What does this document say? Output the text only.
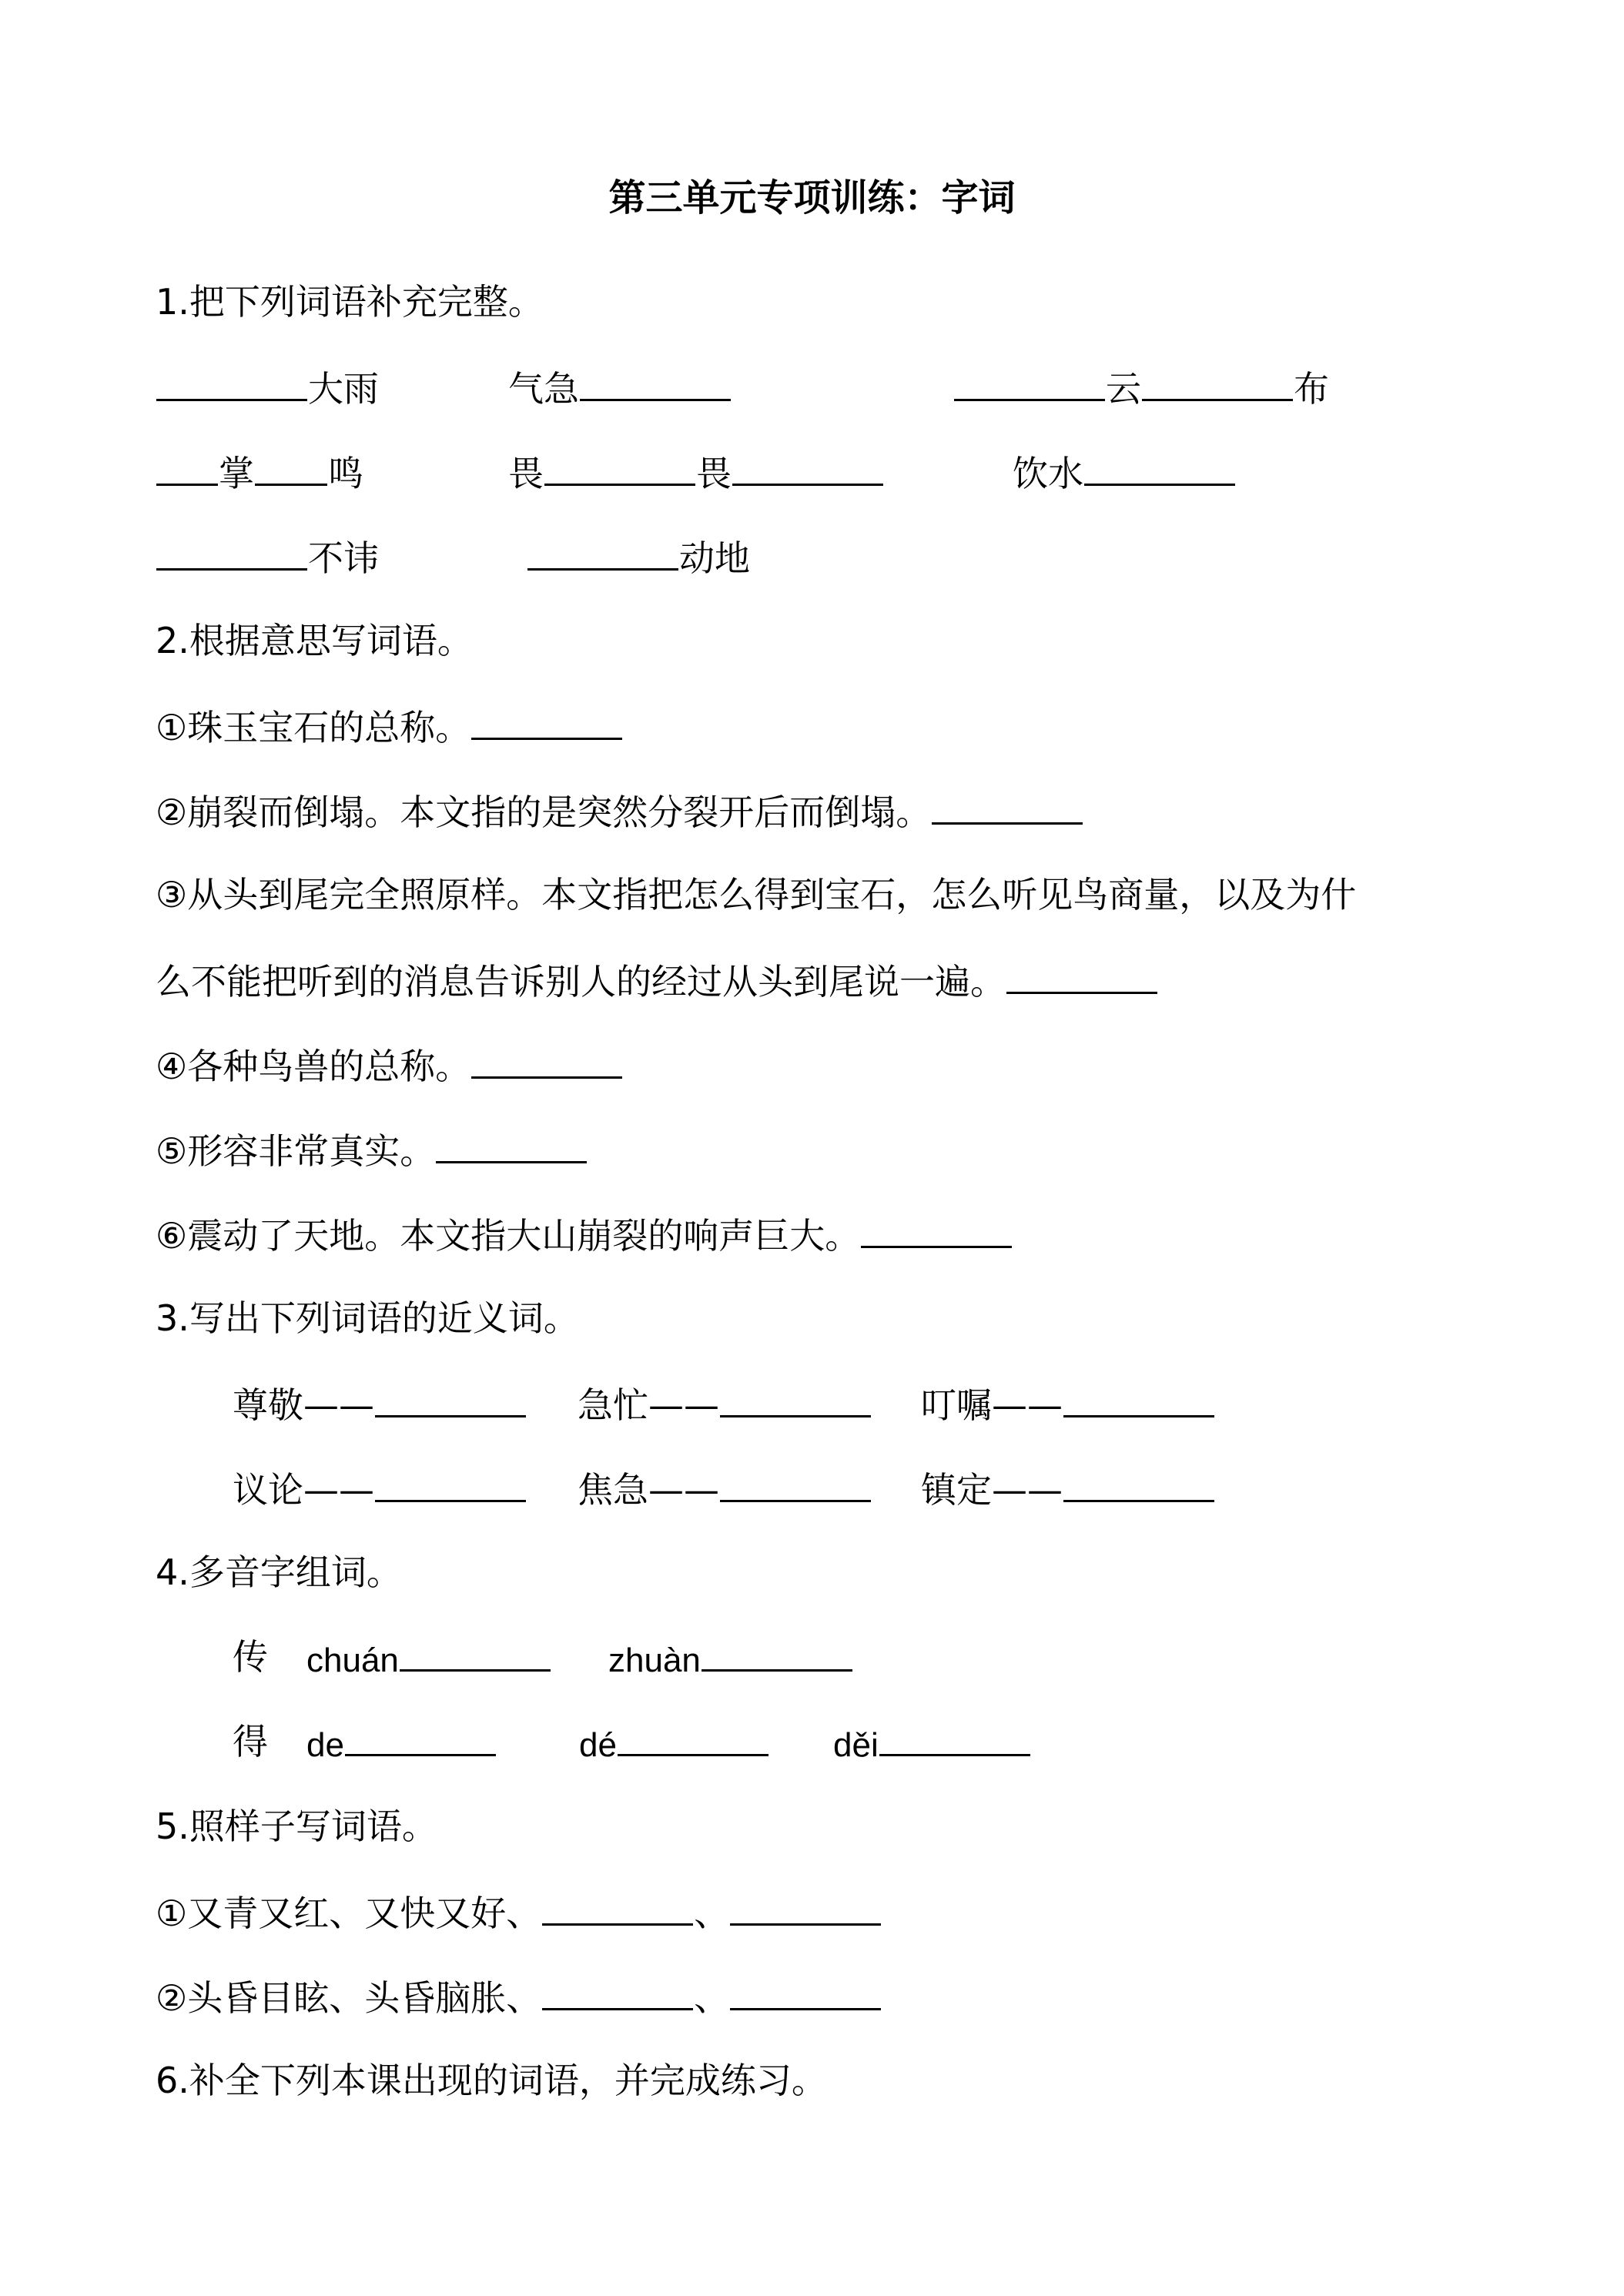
第三单元专项训练：字词
1.把下列词语补充完整。
大雨	气急	云	布
掌 鸣	畏	畏	饮水
不讳	动地
2.根据意思写词语。
①珠玉宝石的总称。
②崩裂而倒塌。本文指的是突然分裂开后而倒塌。
③从头到尾完全照原样。本文指把怎么得到宝石，怎么听见鸟商量，以及为什
么不能把听到的消息告诉别人的经过从头到尾说一遍。
④各种鸟兽的总称。
⑤形容非常真实。
⑥震动了天地。本文指大山崩裂的响声巨大。
3.写出下列词语的近义词。
尊敬——	急忙——	叮嘱——
议论——	焦急——	镇定——
4.多音字组词。
传 chuán	zhuàn
得 de	dé	děi
5.照样子写词语。
①又青又红、又快又好、	、
②头昏目眩、头昏脑胀、	、
6.补全下列本课出现的词语，并完成练习。
